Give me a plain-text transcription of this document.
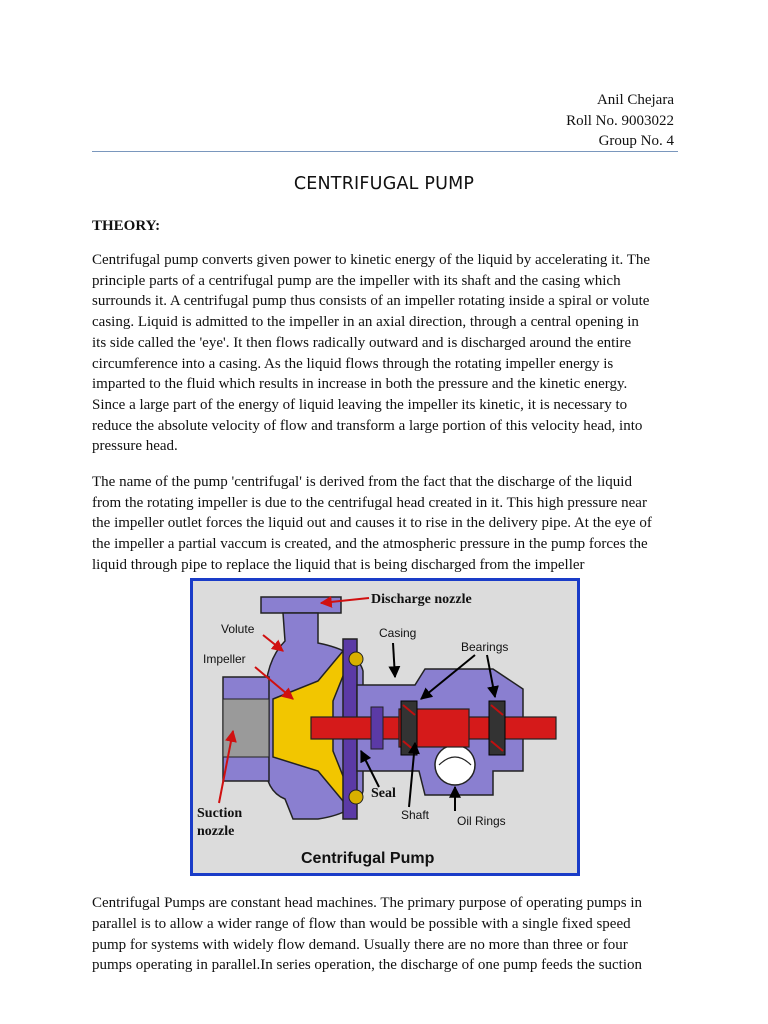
Anil Chejara
Roll No. 9003022
Group No. 4
CENTRIFUGAL PUMP
THEORY:

Centrifugal pump converts given power to kinetic energy of the liquid by accelerating it. The
principle parts of a centrifugal pump are the impeller with its shaft and the casing which
surrounds it. A centrifugal pump thus consists of an impeller rotating inside a spiral or volute
casing. Liquid is admitted to the impeller in an axial direction, through a central opening in
its side called the 'eye'. It then flows radically outward and is discharged around the entire
circumference into a casing. As the liquid flows through the rotating impeller energy is
imparted to the fluid which results in increase in both the pressure and the kinetic energy.
Since a large part of the energy of liquid leaving the impeller its kinetic, it is necessary to
reduce the absolute velocity of flow and transform a large portion of this velocity head, into
pressure head.

The name of the pump 'centrifugal' is derived from the fact that the discharge of the liquid
from the rotating impeller is due to the centrifugal head created in it. This high pressure near
the impeller outlet forces the liquid out and causes it to rise in the delivery pipe. At the eye of
the impeller a partial vaccum is created, and the atmospheric pressure in the pump forces the
liquid through pipe to replace the liquid that is being discharged from the impeller

Discharge nozzle
Volute	Casing
Bearings
Impeller
Seal
Shaft Oil Rings
Suction
nozzle
Centrifugal Pump

Centrifugal Pumps are constant head machines. The primary purpose of operating pumps in
parallel is to allow a wider range of flow than would be possible with a single fixed speed
pump for systems with widely flow demand. Usually there are no more than three or four
pumps operating in parallel.In series operation, the discharge of one pump feeds the suction
